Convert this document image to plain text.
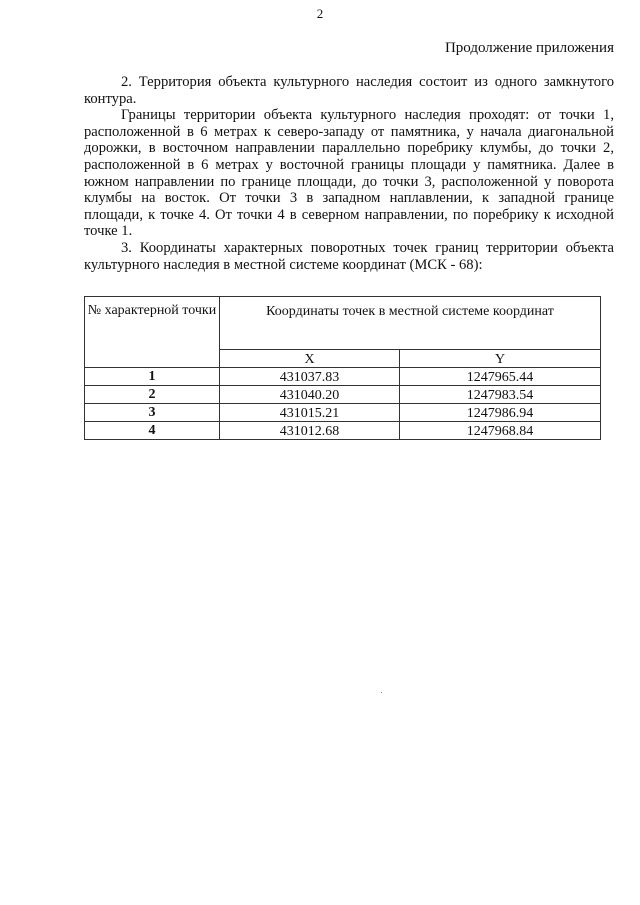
2
Продолжение приложения

2. Территория объекта культурного наследия состоит из одного замкнутого контура.

Границы территории объекта культурного наследия проходят: от точки 1, расположенной в 6 метрах к северо-западу от памятника, у начала диагональной дорожки, в восточном направлении параллельно поребрику клумбы, до точки 2, расположенной в 6 метрах у восточной границы площади у памятника. Далее в южном направлении по границе площади, до точки 3, расположенной у поворота клумбы на восток. От точки 3 в западном наплавлении, к западной границе площади, к точке 4. От точки 4 в северном направлении, по поребрику к исходной точке 1.

3. Координаты характерных поворотных точек границ территории объекта культурного наследия в местной системе координат (МСК - 68):

№ характерной точки	Координаты точек в местной системе координат	
	X	Y
1	431037.83	1247965.44
2	431040.20	1247983.54
3	431015.21	1247986.94
4	431012.68	1247968.84
